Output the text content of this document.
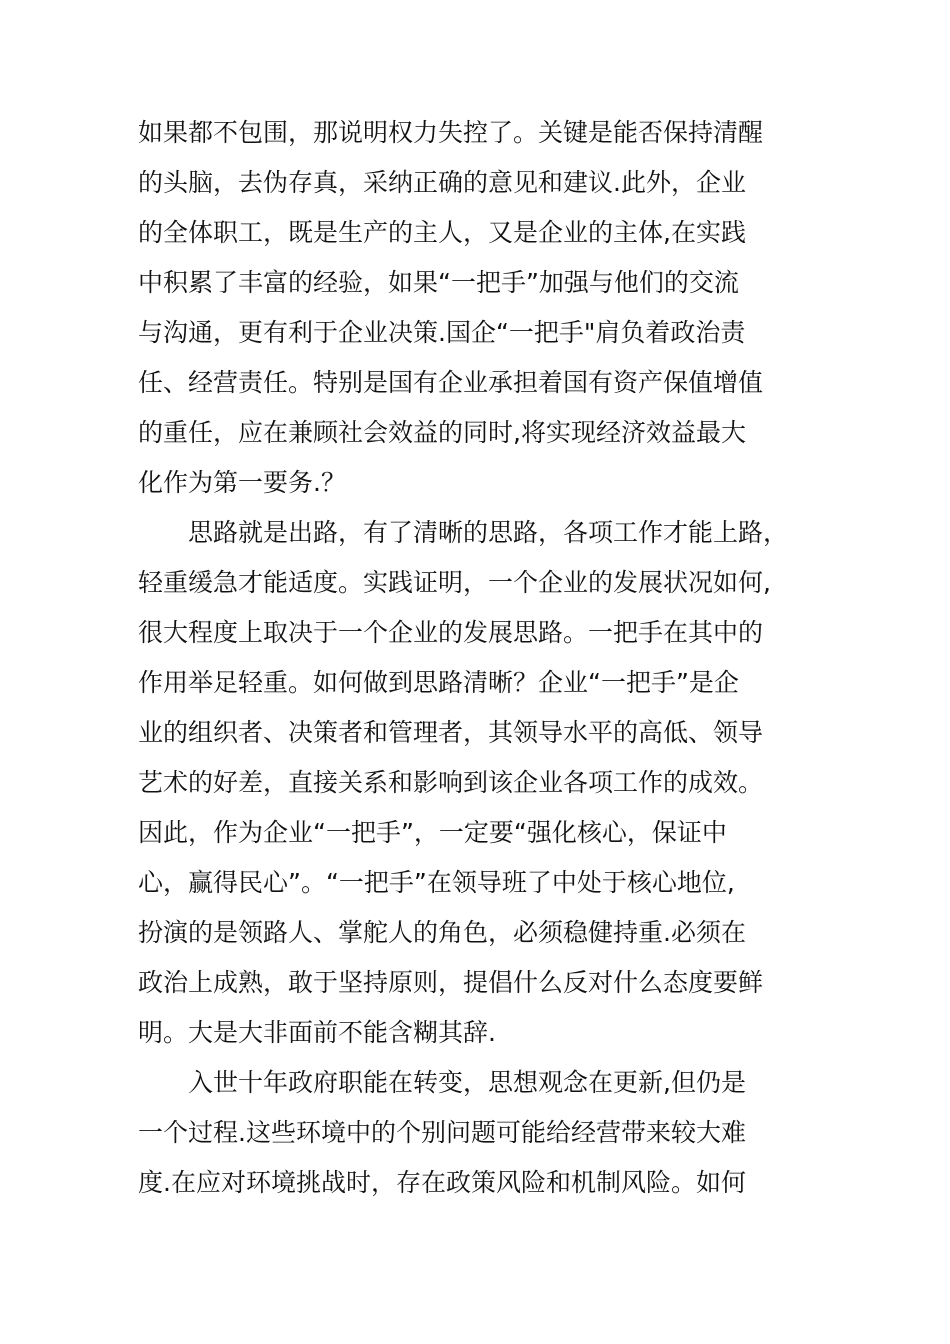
如果都不包围，那说明权力失控了。关键是能否保持清醒
的头脑，去伪存真，采纳正确的意见和建议.此外，企业
的全体职工，既是生产的主人，又是企业的主体,在实践
中积累了丰富的经验，如果“一把手”加强与他们的交流
与沟通，更有利于企业决策.国企“一把手"肩负着政治责
任、经营责任。特别是国有企业承担着国有资产保值增值
的重任，应在兼顾社会效益的同时,将实现经济效益最大
化作为第一要务.？
思路就是出路，有了清晰的思路，各项工作才能上路，
轻重缓急才能适度。实践证明，一个企业的发展状况如何,
很大程度上取决于一个企业的发展思路。一把手在其中的
作用举足轻重。如何做到思路清晰？企业“一把手”是企
业的组织者、决策者和管理者，其领导水平的高低、领导
艺术的好差，直接关系和影响到该企业各项工作的成效。
因此，作为企业“一把手”，一定要“强化核心，保证中
心，赢得民心”。“一把手”在领导班了中处于核心地位,
扮演的是领路人、掌舵人的角色，必须稳健持重.必须在
政治上成熟，敢于坚持原则，提倡什么反对什么态度要鲜
明。大是大非面前不能含糊其辞.
入世十年政府职能在转变，思想观念在更新,但仍是
一个过程.这些环境中的个别问题可能给经营带来较大难
度.在应对环境挑战时，存在政策风险和机制风险。如何
